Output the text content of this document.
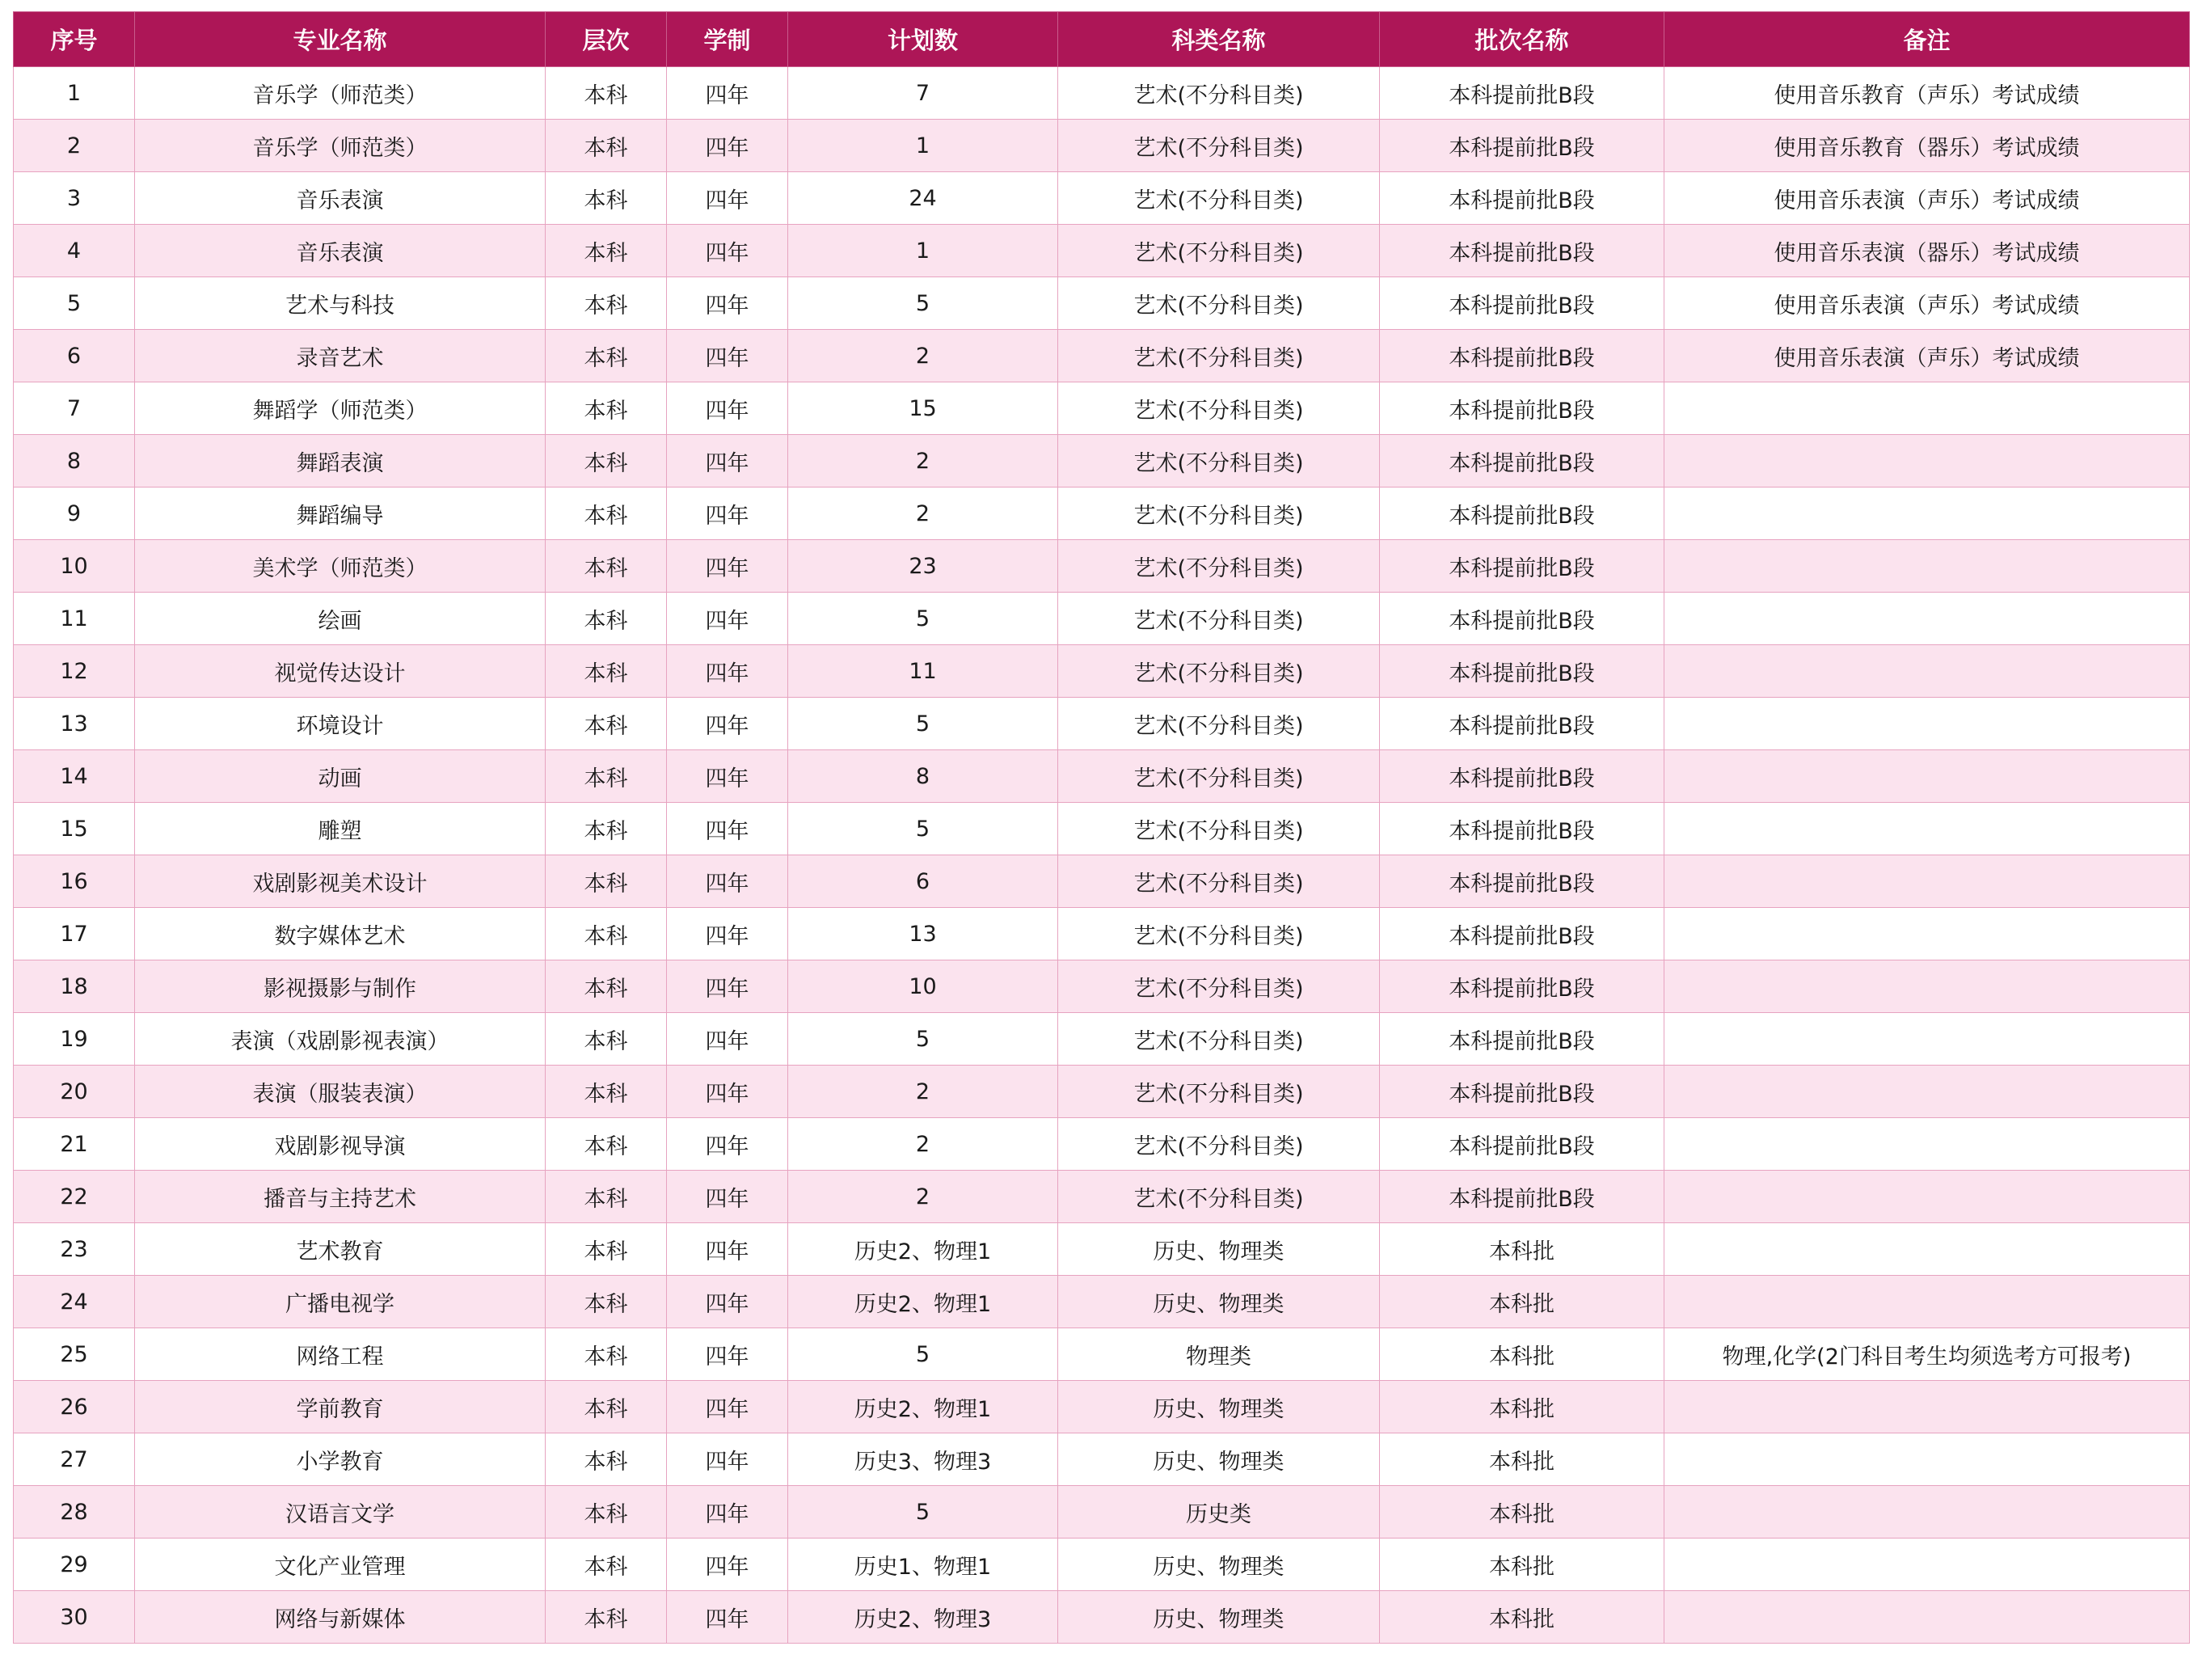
序号	专业名称	层次	学制	计划数	科类名称	批次名称	备注
1	音乐学（师范类）	本科	四年	7	艺术(不分科目类)	本科提前批B段	使用音乐教育（声乐）考试成绩
2	音乐学（师范类）	本科	四年	1	艺术(不分科目类)	本科提前批B段	使用音乐教育（器乐）考试成绩
3	音乐表演	本科	四年	24	艺术(不分科目类)	本科提前批B段	使用音乐表演（声乐）考试成绩
4	音乐表演	本科	四年	1	艺术(不分科目类)	本科提前批B段	使用音乐表演（器乐）考试成绩
5	艺术与科技	本科	四年	5	艺术(不分科目类)	本科提前批B段	使用音乐表演（声乐）考试成绩
6	录音艺术	本科	四年	2	艺术(不分科目类)	本科提前批B段	使用音乐表演（声乐）考试成绩
7	舞蹈学（师范类）	本科	四年	15	艺术(不分科目类)	本科提前批B段	
8	舞蹈表演	本科	四年	2	艺术(不分科目类)	本科提前批B段	
9	舞蹈编导	本科	四年	2	艺术(不分科目类)	本科提前批B段	
10	美术学（师范类）	本科	四年	23	艺术(不分科目类)	本科提前批B段	
11	绘画	本科	四年	5	艺术(不分科目类)	本科提前批B段	
12	视觉传达设计	本科	四年	11	艺术(不分科目类)	本科提前批B段	
13	环境设计	本科	四年	5	艺术(不分科目类)	本科提前批B段	
14	动画	本科	四年	8	艺术(不分科目类)	本科提前批B段	
15	雕塑	本科	四年	5	艺术(不分科目类)	本科提前批B段	
16	戏剧影视美术设计	本科	四年	6	艺术(不分科目类)	本科提前批B段	
17	数字媒体艺术	本科	四年	13	艺术(不分科目类)	本科提前批B段	
18	影视摄影与制作	本科	四年	10	艺术(不分科目类)	本科提前批B段	
19	表演（戏剧影视表演）	本科	四年	5	艺术(不分科目类)	本科提前批B段	
20	表演（服装表演）	本科	四年	2	艺术(不分科目类)	本科提前批B段	
21	戏剧影视导演	本科	四年	2	艺术(不分科目类)	本科提前批B段	
22	播音与主持艺术	本科	四年	2	艺术(不分科目类)	本科提前批B段	
23	艺术教育	本科	四年	历史2、物理1	历史、物理类	本科批	
24	广播电视学	本科	四年	历史2、物理1	历史、物理类	本科批	
25	网络工程	本科	四年	5	物理类	本科批	物理,化学(2门科目考生均须选考方可报考)
26	学前教育	本科	四年	历史2、物理1	历史、物理类	本科批	
27	小学教育	本科	四年	历史3、物理3	历史、物理类	本科批	
28	汉语言文学	本科	四年	5	历史类	本科批	
29	文化产业管理	本科	四年	历史1、物理1	历史、物理类	本科批	
30	网络与新媒体	本科	四年	历史2、物理3	历史、物理类	本科批	
